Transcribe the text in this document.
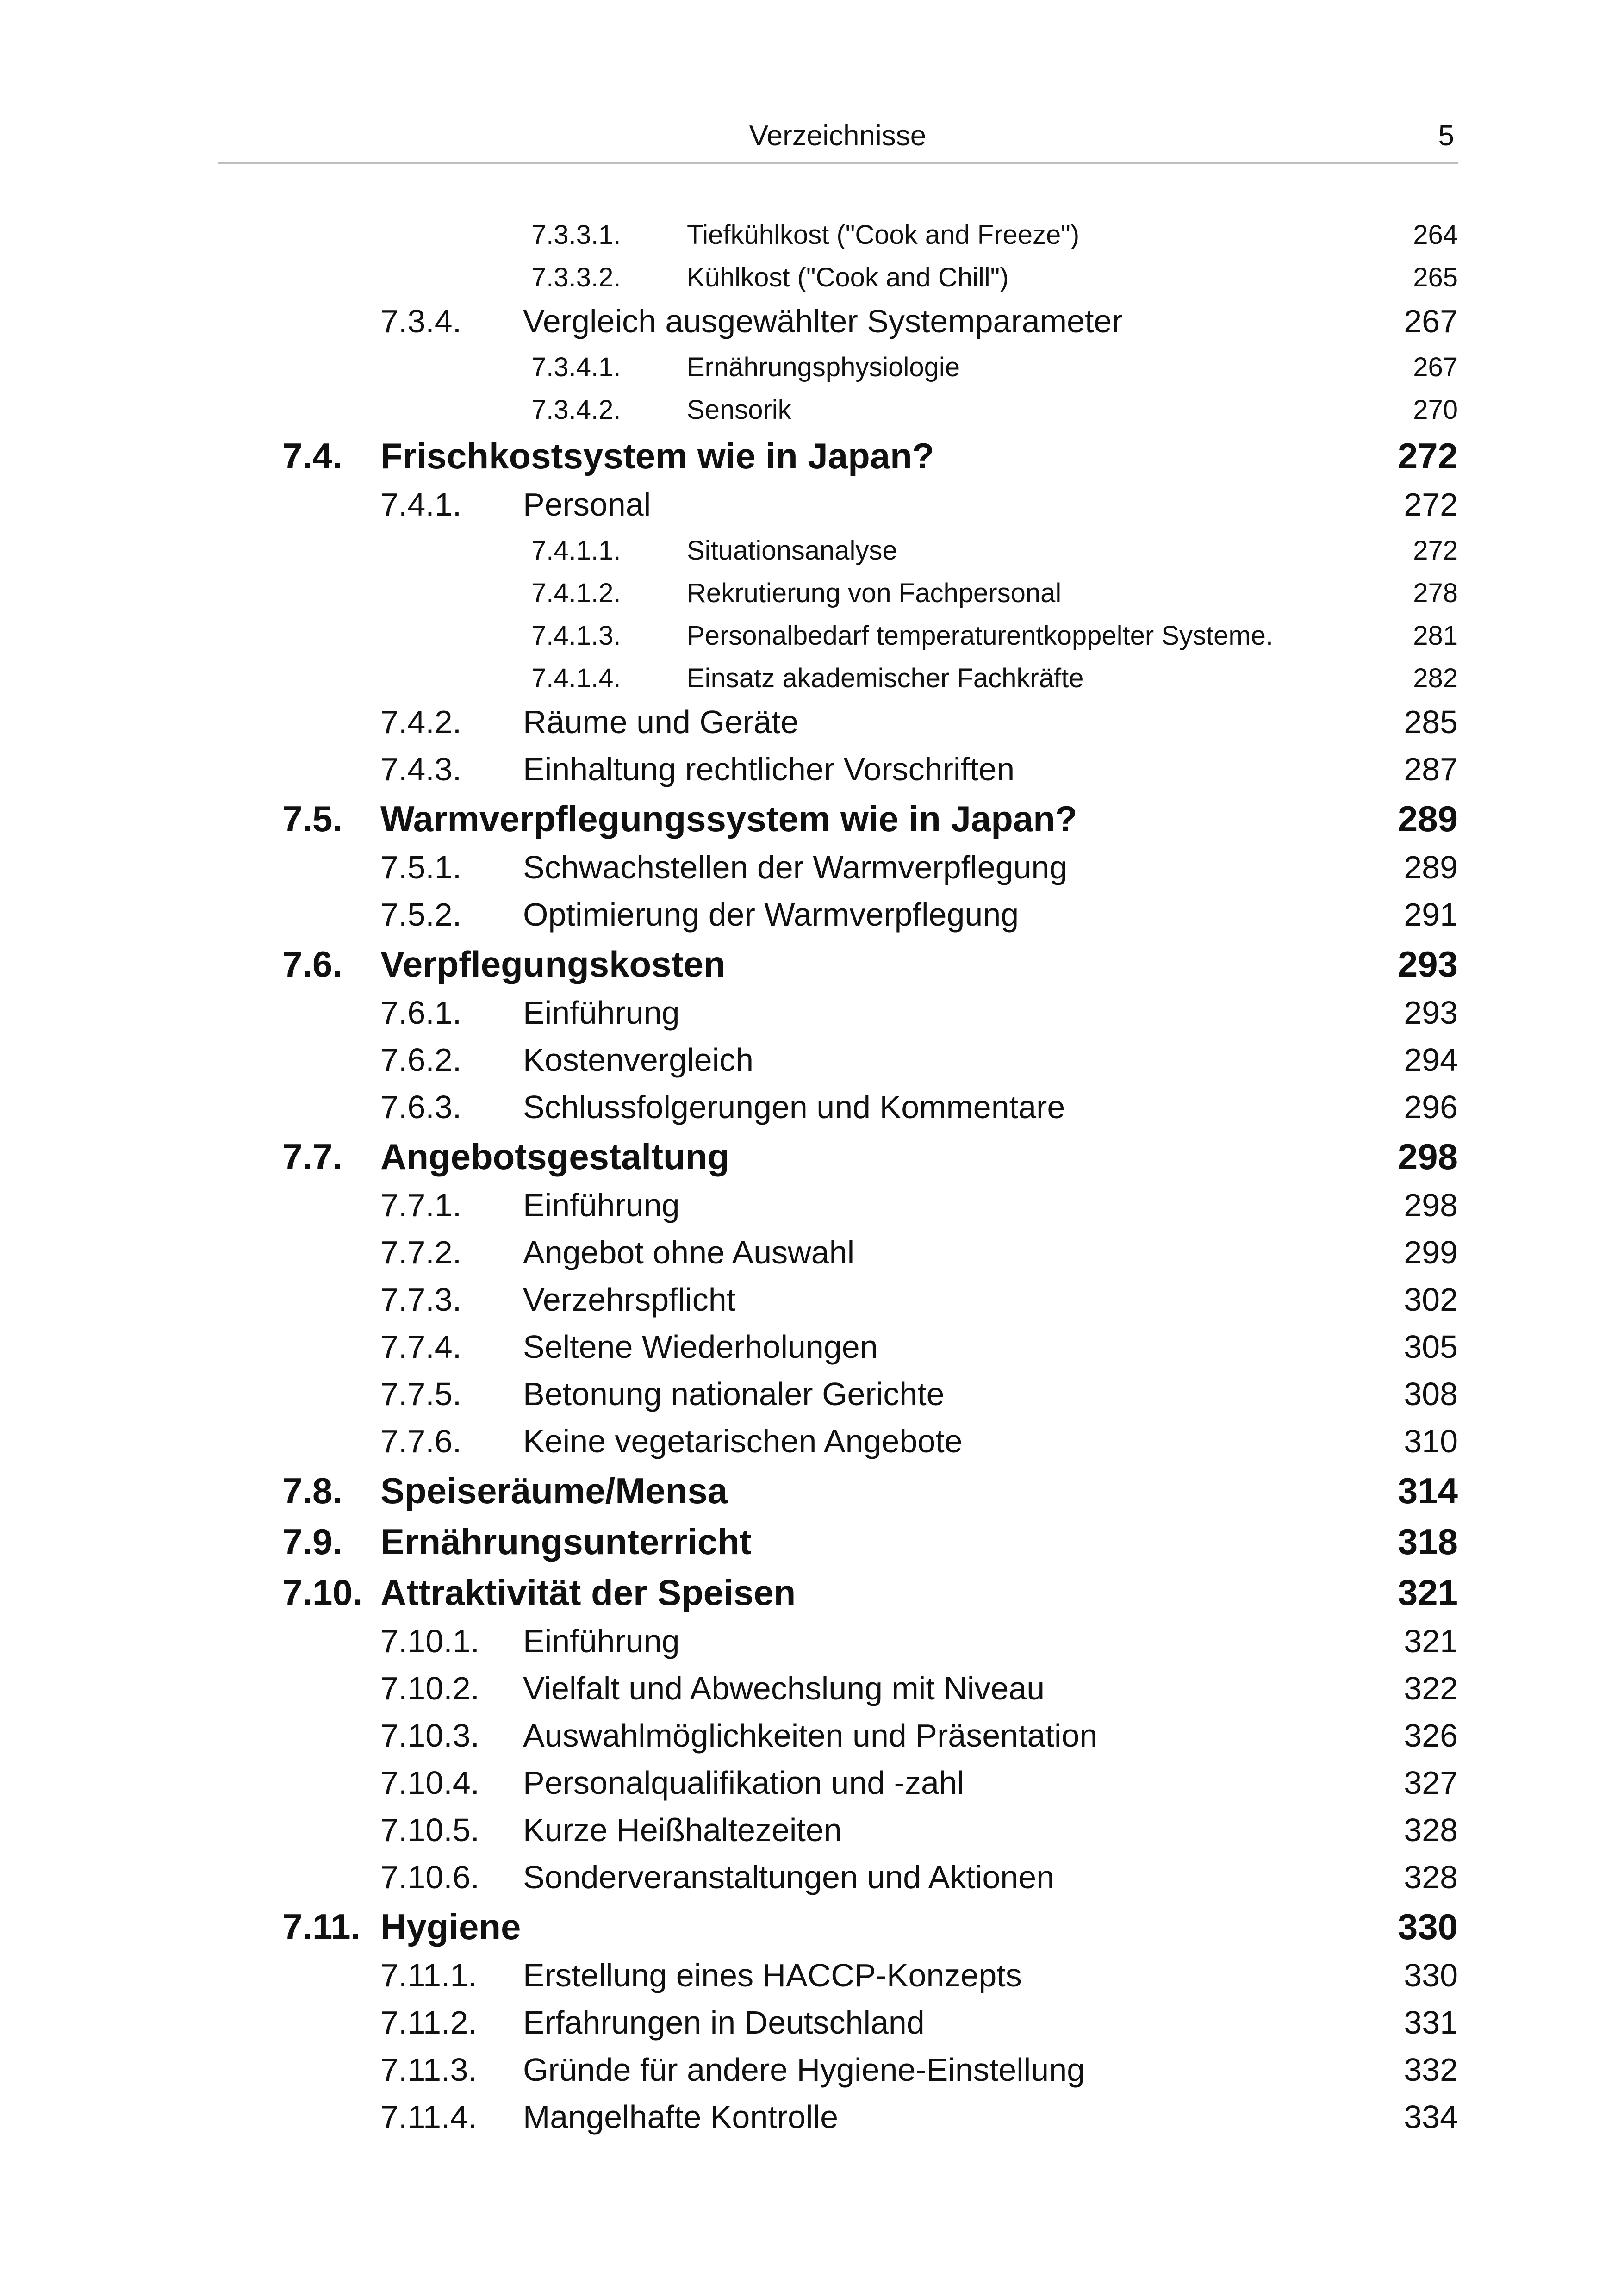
Verzeichnisse	5
7.3.3.1. Tiefkühlkost ("Cook and Freeze") .....	264
7.3.3.2. Kühlkost ("Cook and Chill") .....	265
7.3.4. Vergleich ausgewählter Systemparameter .....	267
7.3.4.1. Ernährungsphysiologie .....	267
7.3.4.2. Sensorik .....	270
7.4. Frischkostsystem wie in Japan? .....	272
7.4.1. Personal .....	272
7.4.1.1. Situationsanalyse .....	272
7.4.1.2. Rekrutierung von Fachpersonal .....	278
7.4.1.3. Personalbedarf temperaturentkoppelter Systeme. .....	281
7.4.1.4. Einsatz akademischer Fachkräfte .....	282
7.4.2. Räume und Geräte .....	285
7.4.3. Einhaltung rechtlicher Vorschriften .....	287
7.5. Warmverpflegungssystem wie in Japan? .....	289
7.5.1. Schwachstellen der Warmverpflegung .....	289
7.5.2. Optimierung der Warmverpflegung .....	291
7.6. Verpflegungskosten .....	293
7.6.1. Einführung .....	293
7.6.2. Kostenvergleich .....	294
7.6.3. Schlussfolgerungen und Kommentare .....	296
7.7. Angebotsgestaltung .....	298
7.7.1. Einführung .....	298
7.7.2. Angebot ohne Auswahl .....	299
7.7.3. Verzehrspflicht .....	302
7.7.4. Seltene Wiederholungen .....	305
7.7.5. Betonung nationaler Gerichte .....	308
7.7.6. Keine vegetarischen Angebote .....	310
7.8. Speiseräume/Mensa .....	314
7.9. Ernährungsunterricht .....	318
7.10. Attraktivität der Speisen .....	321
7.10.1. Einführung .....	321
7.10.2. Vielfalt und Abwechslung mit Niveau .....	322
7.10.3. Auswahlmöglichkeiten und Präsentation .....	326
7.10.4. Personalqualifikation und -zahl .....	327
7.10.5. Kurze Heißhaltezeiten .....	328
7.10.6. Sonderveranstaltungen und Aktionen .....	328
7.11. Hygiene .....	330
7.11.1. Erstellung eines HACCP-Konzepts .....	330
7.11.2. Erfahrungen in Deutschland .....	331
7.11.3. Gründe für andere Hygiene-Einstellung .....	332
7.11.4. Mangelhafte Kontrolle .....	334
